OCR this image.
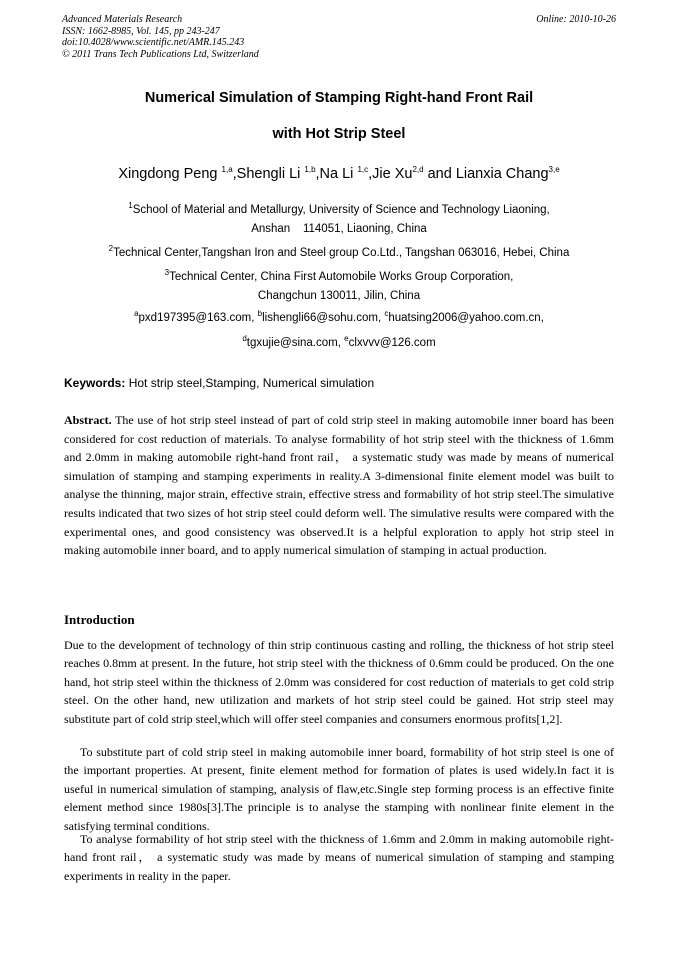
Advanced Materials Research
ISSN: 1662-8985, Vol. 145, pp 243-247
doi:10.4028/www.scientific.net/AMR.145.243
© 2011 Trans Tech Publications Ltd, Switzerland
Online: 2010-10-26
Numerical Simulation of Stamping Right-hand Front Rail
with Hot Strip Steel
Xingdong Peng $^{1,a}$,Shengli Li $^{1,b}$,Na Li $^{1,c}$,Jie Xu$^{2,d}$ and Lianxia Chang$^{3,e}$
$^1$School of Material and Metallurgy, University of Science and Technology Liaoning,
Anshan    114051, Liaoning, China
$^2$Technical Center,Tangshan Iron and Steel group Co.Ltd., Tangshan 063016, Hebei, China
$^3$Technical Center, China First Automobile Works Group Corporation,
Changchun 130011, Jilin, China
$^a$pxd197395@163.com, $^b$lishengli66@sohu.com, $^c$huatsing2006@yahoo.com.cn,
$^d$tgxujie@sina.com, $^e$clxvvv@126.com
Keywords: Hot strip steel,Stamping, Numerical simulation

Abstract. The use of hot strip steel instead of part of cold strip steel in making automobile inner board has been considered for cost reduction of materials. To analyse formability of hot strip steel with the thickness of 1.6mm and 2.0mm in making automobile right-hand front rail， a systematic study was made by means of numerical simulation of stamping and stamping experiments in reality.A 3-dimensional finite element model was built to analyse the thinning, major strain, effective strain, effective stress and formability of hot strip steel.The simulative results indicated that two sizes of hot strip steel could deform well. The simulative results were compared with the experimental ones, and good consistency was observed.It is a helpful exploration to apply hot strip steel in making automobile inner board, and to apply numerical simulation of stamping in actual production.

Introduction

Due to the development of technology of thin strip continuous casting and rolling, the thickness of hot strip steel reaches 0.8mm at present. In the future, hot strip steel with the thickness of 0.6mm could be produced. On the one hand, hot strip steel within the thickness of 2.0mm was considered for cost reduction of materials to get cold strip steel. On the other hand, new utilization and markets of hot strip steel could be gained. Hot strip steel may substitute part of cold strip steel,which will offer steel companies and consumers enormous profits[1,2].

To substitute part of cold strip steel in making automobile inner board, formability of hot strip steel is one of the important properties. At present, finite element method for formation of plates is used widely.In fact it is useful in numerical simulation of stamping, analysis of flaw,etc.Single step forming process is an effective finite element method since 1980s[3].The principle is to analyse the stamping with nonlinear finite element in the satisfying terminal conditions.

To analyse formability of hot strip steel with the thickness of 1.6mm and 2.0mm in making automobile right-hand front rail， a systematic study was made by means of numerical simulation of stamping and stamping experiments in reality in the paper.
